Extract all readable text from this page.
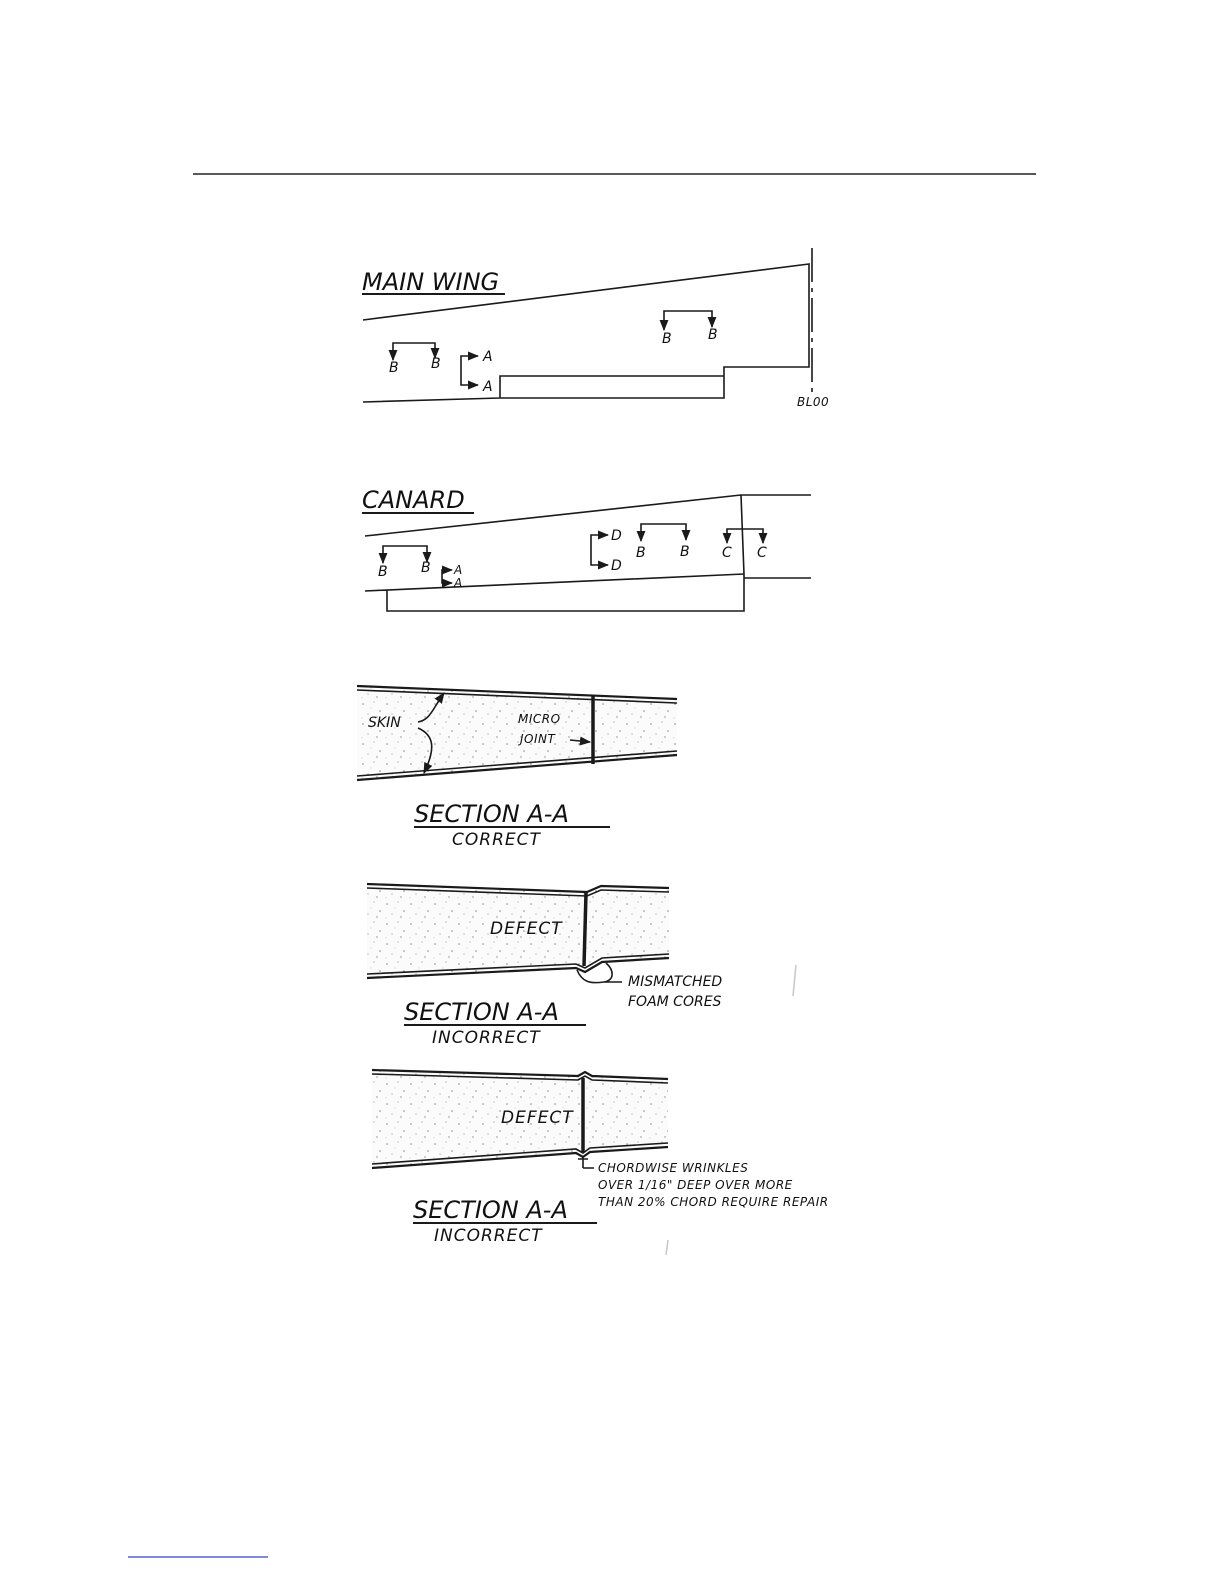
MAIN WING
B B	A
A
B	B
BL00
CANARD
B B A
A
D
D
B B C C
SKIN	MICRO
JOINT
SECTION A-A
CORRECT
DEFECT
MISMATCHED
FOAM CORES
SECTION A-A
INCORRECT
DEFECT
CHORDWISE WRINKLES
OVER 1/16" DEEP OVER MORE
THAN 20% CHORD REQUIRE REPAIR
SECTION A-A
INCORRECT
